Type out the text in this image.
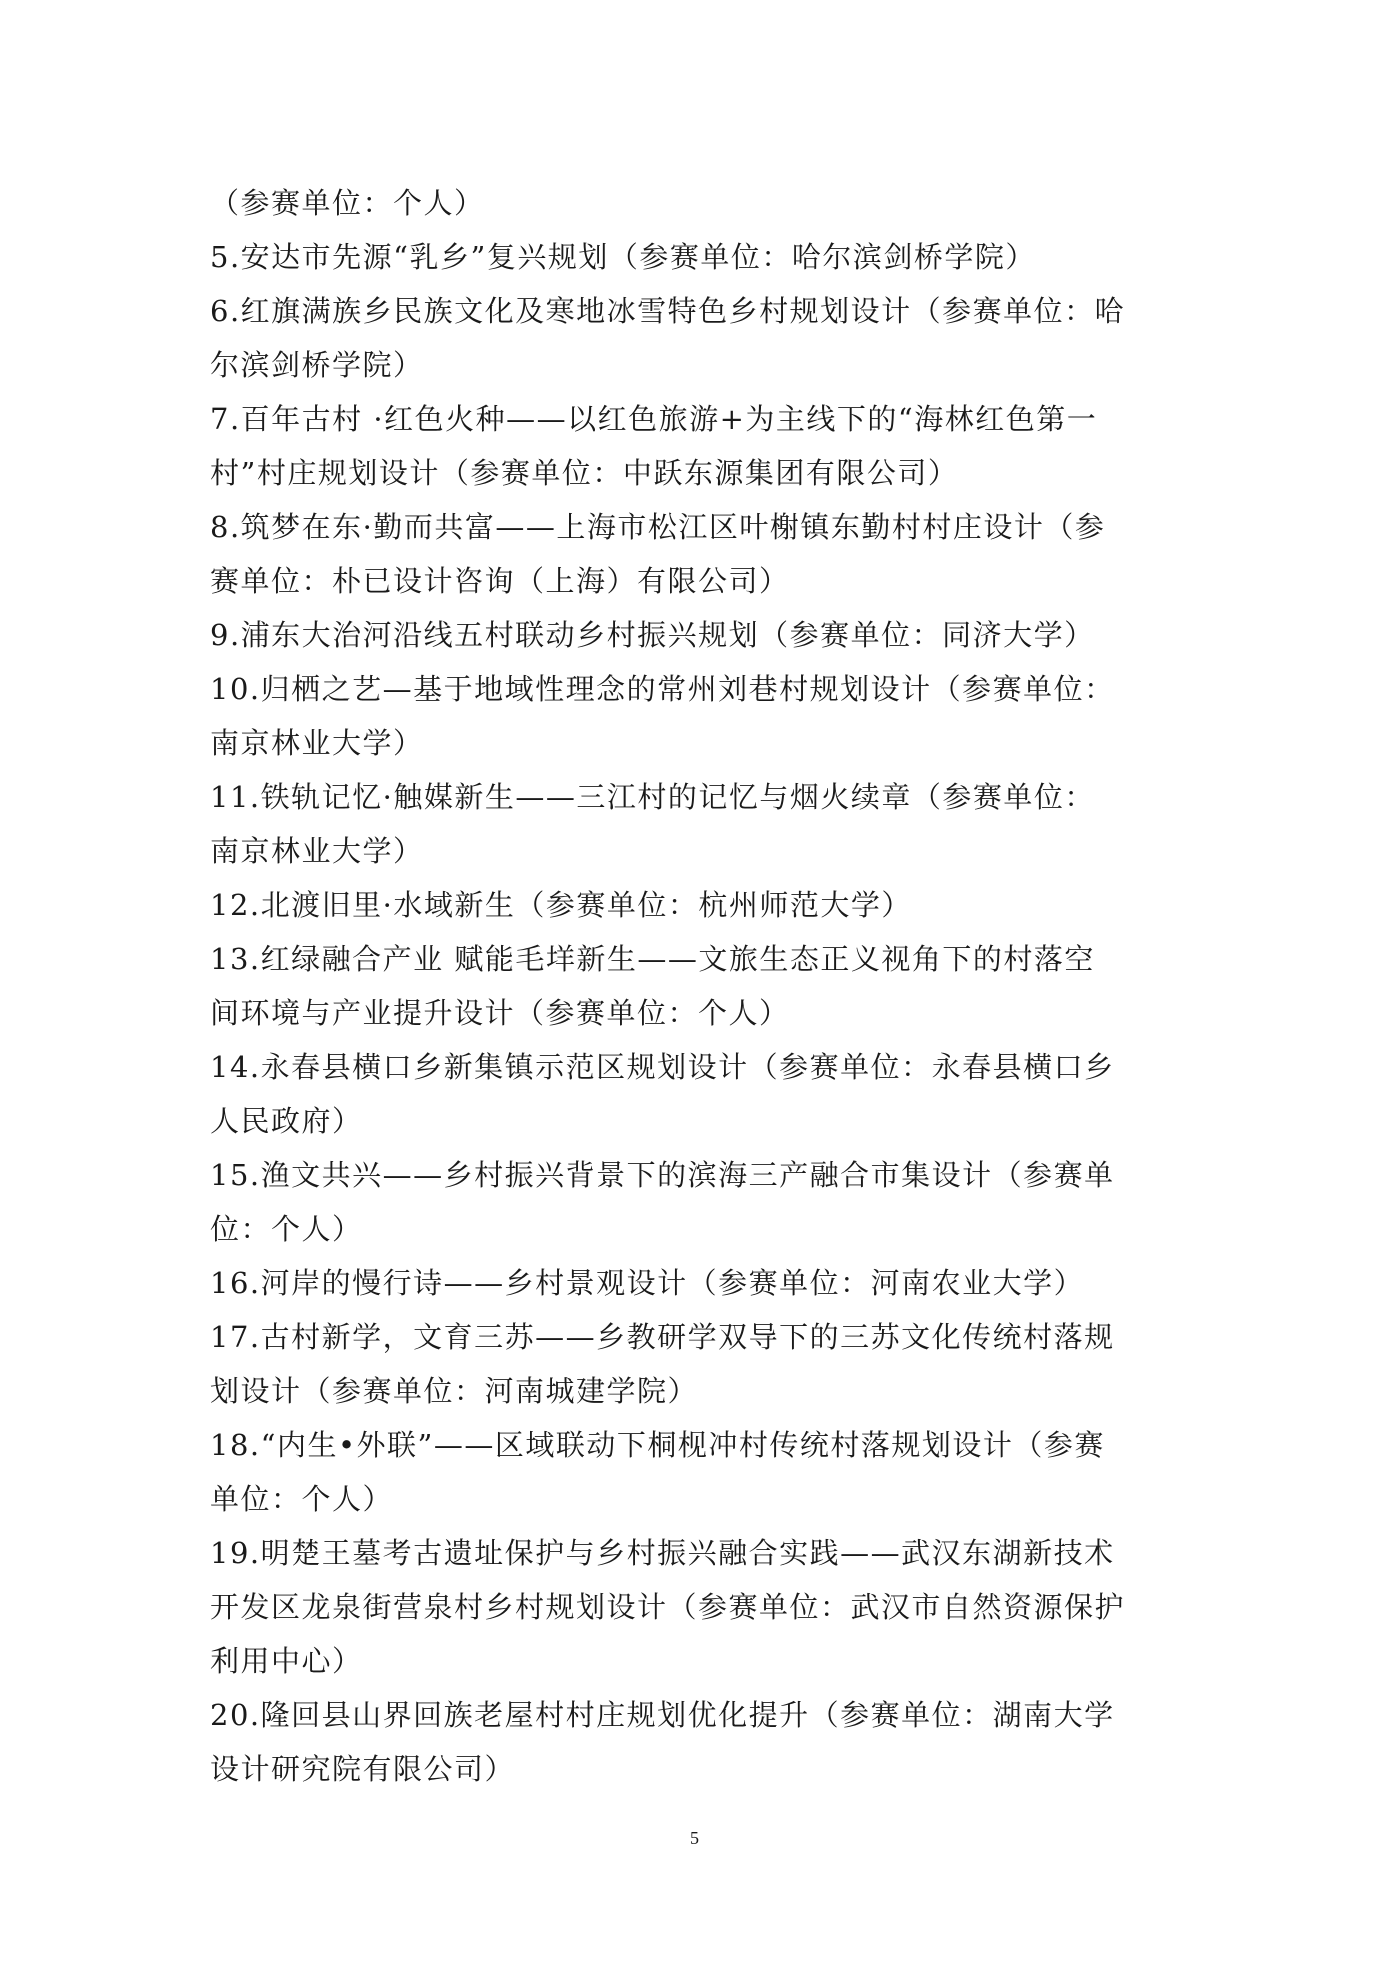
（参赛单位：个人）
5.安达市先源“乳乡”复兴规划（参赛单位：哈尔滨剑桥学院）
6.红旗满族乡民族文化及寒地冰雪特色乡村规划设计（参赛单位：哈
尔滨剑桥学院）
7.百年古村 ·红色火种——以红色旅游+为主线下的“海林红色第一
村”村庄规划设计（参赛单位：中跃东源集团有限公司）
8.筑梦在东·勤而共富——上海市松江区叶榭镇东勤村村庄设计（参
赛单位：朴已设计咨询（上海）有限公司）
9.浦东大治河沿线五村联动乡村振兴规划（参赛单位：同济大学）
10.归栖之艺—基于地域性理念的常州刘巷村规划设计（参赛单位：
南京林业大学）
11.铁轨记忆·触媒新生——三江村的记忆与烟火续章（参赛单位：
南京林业大学）
12.北渡旧里·水域新生（参赛单位：杭州师范大学）
13.红绿融合产业 赋能毛垟新生——文旅生态正义视角下的村落空
间环境与产业提升设计（参赛单位：个人）
14.永春县横口乡新集镇示范区规划设计（参赛单位：永春县横口乡
人民政府）
15.渔文共兴——乡村振兴背景下的滨海三产融合市集设计（参赛单
位：个人）
16.河岸的慢行诗——乡村景观设计（参赛单位：河南农业大学）
17.古村新学，文育三苏——乡教研学双导下的三苏文化传统村落规
划设计（参赛单位：河南城建学院）
18.“内生•外联”——区域联动下桐枧冲村传统村落规划设计（参赛
单位：个人）
19.明楚王墓考古遗址保护与乡村振兴融合实践——武汉东湖新技术
开发区龙泉街营泉村乡村规划设计（参赛单位：武汉市自然资源保护
利用中心）
20.隆回县山界回族老屋村村庄规划优化提升（参赛单位：湖南大学
设计研究院有限公司）
5
